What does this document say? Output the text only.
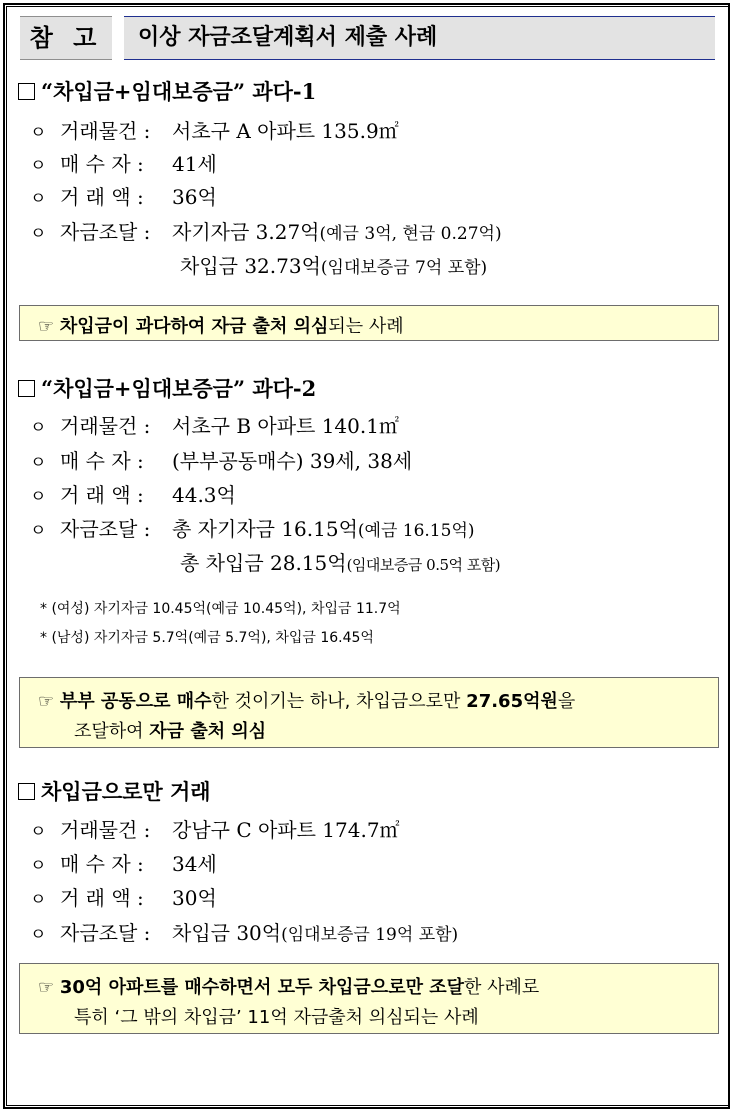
참 고	이상 자금조달계획서 제출 사례
“차입금+임대보증금” 과다-1
ㅇ 거래물건 : 서초구 A 아파트 135.9㎡
ㅇ 매 수 자 : 41세
ㅇ 거 래 액 : 36억
ㅇ 자금조달 : 자기자금 3.27억(예금 3억, 현금 0.27억)
차입금 32.73억(임대보증금 7억 포함)
☞ 차입금이 과다하여 자금 출처 의심되는 사례
“차입금+임대보증금” 과다-2
ㅇ 거래물건 : 서초구 B 아파트 140.1㎡
ㅇ 매 수 자 : (부부공동매수) 39세, 38세
ㅇ 거 래 액 : 44.3억
ㅇ 자금조달 : 총 자기자금 16.15억(예금 16.15억)
총 차입금 28.15억(임대보증금 0.5억 포함)
* (여성) 자기자금 10.45억(예금 10.45억), 차입금 11.7억
* (남성) 자기자금 5.7억(예금 5.7억), 차입금 16.45억
☞ 부부 공동으로 매수한 것이기는 하나, 차입금으로만 27.65억원을
조달하여 자금 출처 의심
차입금으로만 거래
ㅇ 거래물건 : 강남구 C 아파트 174.7㎡
ㅇ 매 수 자 : 34세
ㅇ 거 래 액 : 30억
ㅇ 자금조달 : 차입금 30억(임대보증금 19억 포함)
☞ 30억 아파트를 매수하면서 모두 차입금으로만 조달한 사례로
특히 ‘그 밖의 차입금’ 11억 자금출처 의심되는 사례
